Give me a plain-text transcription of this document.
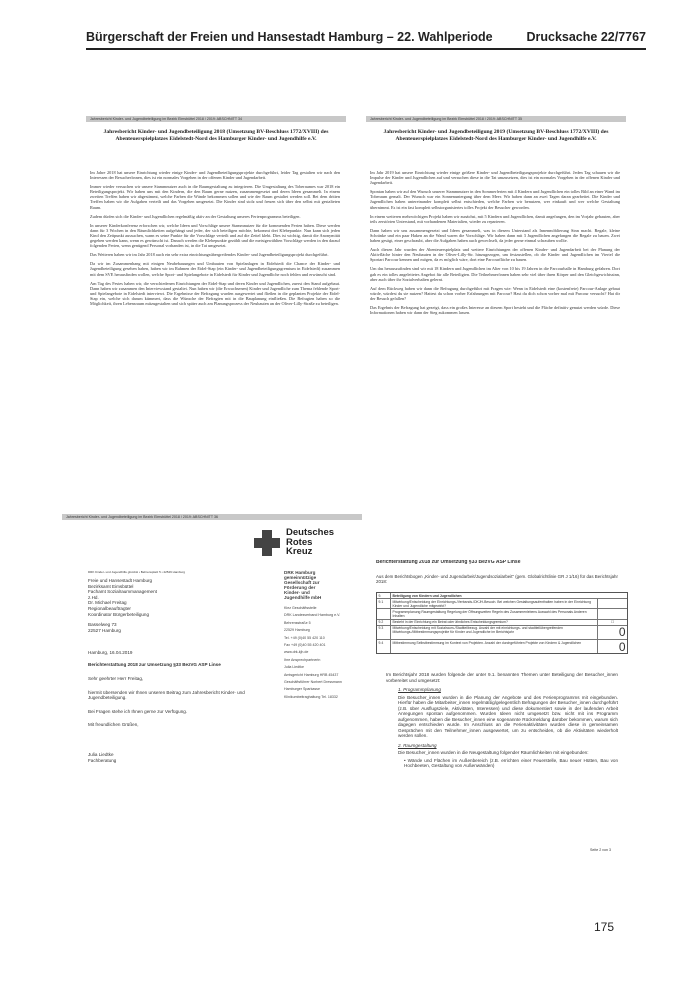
Bürgerschaft der Freien und Hansestadt Hamburg – 22. Wahlperiode	Drucksache 22/7767
Jahresbericht Kinder- und Jugendbeteiligung im Bezirk Eimsbüttel 2018 / 2019: ABSCHNITT 34
Jahresbericht Kinder- und Jugendbeteiligung 2018 (Umsetzung BV-Beschluss 1772/XVIII) des Abenteuerspielplatzes Eidelstedt-Nord des Hamburger Kinder- und Jugendhilfe e.V.

Im Jahre 2018 hat unsere Einrichtung wieder einige Kinder- und Jugendbeteiligungsprojekte durchgeführt, leider Tag gestalten wir nach den Interessen der Besucher/innen, dies ist ein normales Vorgehen in der offenen Kinder und Jugendarbeit.

Immer wieder versuchen wir unsere Stammnutzer auch in die Raumgestaltung zu integrieren. Die Umgestaltung des Toberaumes war 2018 ein Beteiligungsprojekt. Wir haben uns mit den Kindern, die den Raum gerne nutzen, zusammengesetzt und deren Ideen gesammelt. In einem zweiten Treffen haben wir abgestimmt, welche Farben die Wände bekommen sollen und wie der Raum gestaltet werden soll. Bei dem dritten Treffen haben wir die Aufgaben verteilt und das Vorgehen umgesetzt. Die Kinder sind stolz und freuen sich über den selbst mit gestalteten Raum.

Zudem dürfen sich die Kinder- und Jugendlichen regelmäßig aktiv an der Gestaltung unseres Ferienprogramms beteiligen.

In unserer Kinderkonferenz erforschen wir, welche Ideen und Vorschläge unsere Stammnutzer für die kommenden Ferien haben. Diese werden dann für 3 Wochen in den Räumlichkeiten aufgehängt und jeder, der sich beteiligen möchte, bekommt drei Klebepunkte. Nun kann sich jeden Kind den Zeitpunkt aussuchen, wann es seine Punkte für die Vorschläge verteilt und auf die Zettel klebt. Dies ist wichtig, damit die Anonymität gegeben werden kann, wenn es gewünscht ist. Danach werden die Klebepunkte gezählt und die meistgewählten Vorschläge werden in den darauf folgenden Ferien, wenn genügend Personal vorhanden ist, in die Tat umgesetzt.

Das Weiteren haben wir im Jahr 2018 auch ein sehr extra einrichtungsübergreifendes Kinder- und Jugendbeteiligungsprojekt durchgeführt.

Da wir im Zusammenhang mit einigen Neubebauungen und Umbauten von Spielanlagen in Eidelstedt die Chance der Kinder- und Jugendbeteiligung gesehen haben, haben wir im Rahmen der Eidel-Stap (ein Kinder- und Jugendbeteiligungsgremium in Eidelstedt) zusammen mit dem SVE herausfinden wollen, welche Sport- und Spielangebote in Eidelstedt für Kinder und Jugendliche noch fehlen und erwünscht sind.

Am Tag des Festes haben wir, die verschiedenen Einrichtungen der Eidel-Stap und deren Kinder und Jugendlichen, zuerst den Stand aufgebaut. Dann haben wir zusammen den Interviewstand gestaltet. Nun haben wir (die Erwachsenen) Kinder und Jugendliche zum Thema fehlende Sport- und Spielangebote in Eidelstedt interviewt. Die Ergebnisse der Befragung wurden ausgewertet und fließen in die geplanten Projekte der Eidel-Stap ein, welche sich darum kümmert, dass die Wünsche der Befragten mit in die Bauplanung einfließen. Die Befragten haben so die Möglichkeit, ihren Lebensraum mitzugestalten und sich später auch am Planungsprozess der Neubauten an der Oliver-Lilly-Straße zu beteiligen.

Jahresbericht Kinder- und Jugendbeteiligung im Bezirk Eimsbüttel 2018 / 2019: ABSCHNITT 35
Jahresbericht Kinder- und Jugendbeteiligung 2019 (Umsetzung BV-Beschluss 1772/XVIII) des Abenteuerspielplatzes Eidelstedt-Nord des Hamburger Kinder- und Jugendhilfe e.V.

Im Jahr 2019 hat unsere Einrichtung wieder einige größere Kinder- und Jugendbeteiligungsprojekte durchgeführt. Jeden Tag schauen wir die Impulse der Kinder und Jugendlichen auf und versuchen diese in die Tat umzusetzen, dies ist ein normales Vorgehen in der offenen Kinder und Jugendarbeit.

Spontan haben wir auf den Wunsch unserer Stammnutzer in den Sommerferien mit 4 Kindern und Jugendlichen ein tolles Bild an einer Wand im Toberaum gemalt. Der Wunsch war ein Sonnenuntergang über dem Meer. Wir haben dann an zwei Tagen daran gearbeitet. Die Kinder und Jugendlichen haben untereinander komplett selbst entschieden, welche Farben wir benutzen, wer einkauft und wer welche Gestaltung übernimmt. Es ist ein fast komplett selbstorganisiertes tolles Projekt der Besucher geworden.

In einem weiteren mehrwöchigen Projekt haben wir zunächst, mit 5 Kindern und Jugendlichen, damit angefangen, den im Vorjahr gebauten, aber teils zerstörten Unterstand, mit vorhandenen Materialien, wieder zu reparieren.

Dann haben wir uns zusammengesetzt und Ideen gesammelt, was in diesem Unterstand als Innenmöblierung Sinn macht. Regale, kleine Schränke und ein paar Haken an die Wand waren die Vorschläge. Wir haben dann mit 3 Jugendlichen angefangen die Regale zu bauen. Zwei haben gesägt, einer geschraubt, aber die Aufgaben haben auch gewechselt, da jeder gerne einmal schrauben wollte.

Auch diesen Jahr wurden der Abenteuerspielplatz und weitere Einrichtungen der offenen Kinder- und Jugendarbeit bei der Planung der Aktivfläche hinter den Neubauten in der Oliver-Lilly-Str. hinzugezogen, um festzustellen, ob die Kinder und Jugendlichen im Viertel die Sportart Parcour kennen und mögen, da es möglich wäre, dort eine Parcourfläche zu bauen.

Um das herauszufinden sind wir mit 18 Kindern und Jugendlichen im Alter von 10 bis 19 Jahren in die Parcourhalle in Hamburg gefahren. Dort gab es ein tolles angeleitetes Angebot für alle Beteiligten. Die Teilnehmer/innen haben sehr viel über ihren Körper und den Gleichgewichtssinn, aber auch über ihr Sozialverhalten gelernt.

Auf dem Rückweg haben wir dann die Befragung durchgeführt mit Fragen wie: Wenn in Eidelstedt eine (kostenfreie) Parcour-Anlage gebaut würde, würdest du sie nutzen? Hattest du schon vorher Erfahrungen mit Parcour? Hast du dich schon vorher mal mit Parcour versucht? Hat dir der Besuch gefallen?

Das Ergebnis der Befragung hat gezeigt, dass ein großes Interesse an diesem Sport besteht und die Fläche definitiv genutzt werden würde. Diese Informationen haben wir dann der Steg zukommen lassen.

Jahresbericht Kinder- und Jugendbeteiligung im Bezirk Eimsbüttel 2018 / 2019: ABSCHNITT 36
Deutsches
Rotes
Kreuz
DRK Kinder- und Jugendhilfe gGmbH • Behrensplatz 5 • 22529 Hamburg

Freie und Hansestadt Hamburg

Bezirksamt Eimsbüttel

Fachamt Sozialraummanagement

z.Hd.

Dr. Michael Freitag

Regionalbeauftragter

Koordinator Bürgerbeteiligung

Basselweg 73

22527 Hamburg

Hamburg, 16.04.2019
Berichterstattung 2018 zur Umsetzung §33 BezVG ASP Linse

Sehr geehrter Herr Freitag,

hiermit übersenden wir Ihnen unseren Beitrag zum Jahresbericht Kinder- und Jugendbeteiligung.

Bei Fragen stehe ich Ihnen gerne zur Verfügung.

Mit freundlichen Grüßen,

Julia Liedtke

Fachberatung

DRK Hamburg
gemeinnützige
Gesellschaft zur
Förderung der
Kinder- und
Jugendhilfe mbH

Kiez Geschäftsstelle

DRK Landesverband Hamburg e.V.

Behrensstraße 5

22529 Hamburg

Tel. +49 (0)40 55 420 110

Fax +49 (0)40 55 420 401

www.drk-kjh.de

Ihre Ansprechpartnerin

Julia Liedtke

Amtsgericht Hamburg HRB 45437

Geschäftsführer Norbert Dressmann

Hamburger Sparkasse

Klinikumbeitraghaltung Tel. 18332

Berichterstattung 2018 zur Umsetzung §33 BezVG ASP Linse
Aus dem Berichtsbogen „Kinder- und Jugendarbeit/Jugendsozialarbeit" (gem. Globalrichtlinie GR J 1/16) für das Berichtsjahr 2018:
9.	Beteiligung von Kindern und Jugendlichen
9.1	Mitwirkung/Entscheidung der Einrichtungs-/Verbands-/DKJH-Besuch. Bei welchen Gestaltungsaufenthalten haben in der Einrichtung Kinder und Jugendliche mitgewirkt?
Programmplanung Raumgestaltung Regelung der Öffnungszeiten Regeln des Zusammenlebens Auswahl des Personals Anderen Inhalten
9.2	Besteht in der Einrichtung ein Beirat oder ähnliches Entscheidungsgremium?	☐
9.3	Mitwirkung/Entscheidung mit Sozialraum-/Stadtteilbezug. Anzahl der mit einrichtungs- und stadtteilübergreifenden Mitwirkungs-/Mitbestimmungsprojekte für Kinder und Jugendliche im Berichtsjahr	0
9.4	Mitbestimmung Selbstbestimmung im Kontext von Projekten. Anzahl der durchgeführten Projekte von Kindern & Jugendlichen	0

Im Berichtsjahr 2018 wurden folgende der unter 9.1. benannten Themen unter Beteiligung der Besucher_innen vorbereitet und umgesetzt:

1. Programmplanung

Die Besucher_innen wurden in die Planung der Angebote und des Ferienprogramms mit eingebunden. Hierfür haben die Mitarbeiter_innen regelmäßig/gelegentlich Befragungen der Besucher_innen durchgeführt (z.B. über Ausflugsziele, Aktivitäten, Interessen) und diese dokumentiert sowie in der laufenden Arbeit Anregungen spontan aufgenommen. Wurden Ideen nicht umgesetzt bzw. nicht mit ins Programm aufgenommen, haben die Besucher_innen eine sogenannte Rückmeldung darüber bekommen, warum sich dagegen entschieden wurde. Im Anschluss an die Ferienaktivitäten wurden diese in gemeinsamen Gesprächen mit den Teilnehmer_innen ausgewertet, um zu entscheiden, ob die Aktivitäten wiederholt werden sollen.

2. Raumgestaltung

Die Besucher_innen wurden in die Neugestaltung folgender Räumlichkeiten mit eingebunden:

• Wände und Flächen im Außenbereich (z.B. errichten einer Feuerstelle, Bau neuer Hütten, Bau von Hochbeeten, Gestaltung von Außenwänden)

Seite 2 von 3
175
